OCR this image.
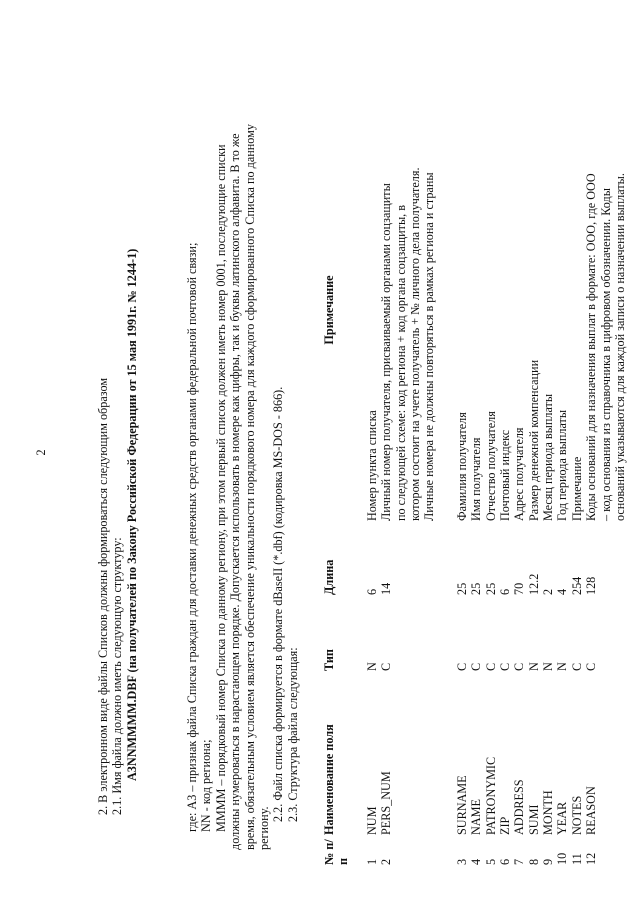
2	2. В электронном виде файлы Списков должны формироваться следующим образом 2.1. Имя файла должно иметь следующую структуру: A3NNMMMM.DBF (на получателей по Закону Российской Федерации от 15 мая 1991г. № 1244-1)	где: А3 – признак файла Списка граждан для доставки денежных средств органами федеральной почтовой связи; NN - код региона; MMMM – порядковый номер Списка по данному региону, при этом первый список должен иметь номер 0001, последующие списки должны нумероваться в нарастающем порядке. Допускается использовать в номере как цифры, так и буквы латинского алфавита. В то же время, обязательным условием является обеспечение уникальности порядкового номера для каждого сформированного Списка по данному региону.

2.2. Файл списка формируется в формате dBaseII (*.dbf) (кодировка MS-DOS - 866). 2.3. Структура файла следующая:

№ п/п	Наименование поля	Тип	Длина	Примечание
1	NUM	N	6	Номер пункта списка

2	PERS_NUM	C	14	Личный номер получателя, присваиваемый органами соцзащиты по следующей схеме: код региона + код органа соцзащиты, в котором состоит на учете получатель + № личного дела получателя. Личные номера не должны повторяться в рамках региона и страны

3	SURNAME	C	25	Фамилия получателя

4	NAME	C	25	Имя получателя

5	PATRONYMIC	C	25	Отчество получателя

6	ZIP	C	6	Почтовый индекс

7	ADDRESS	C	70	Адрес получателя

8	SUMI	N	12.2	Размер денежной компенсации

9	MONTH	N	2	Месяц периода выплаты

10	YEAR	N	4	Год периода выплаты

11	NOTES	C	254	Примечание

12	REASON	C	128	Коды оснований для назначения выплат в формате: OOO, где OOO – код основания из справочника в цифровом обозначении. Коды оснований указываются для каждой записи о назначении выплаты.
